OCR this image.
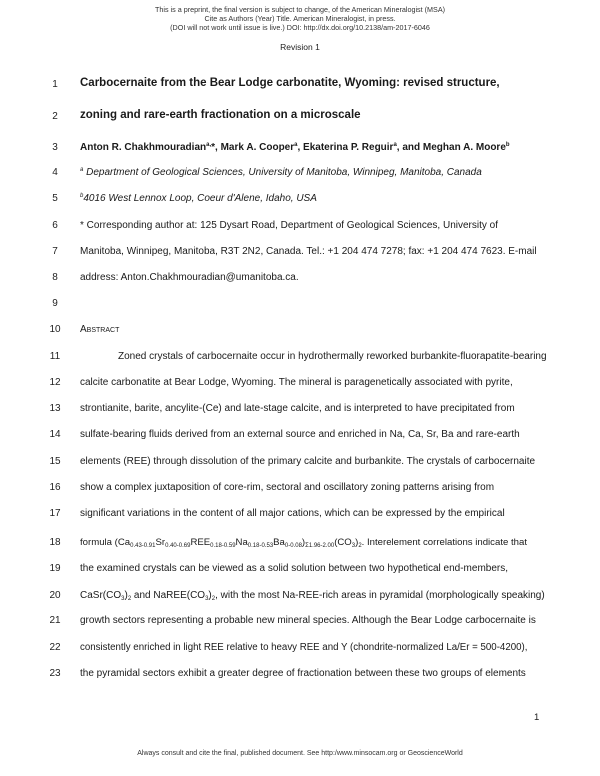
This is a preprint, the final version is subject to change, of the American Mineralogist (MSA)
Cite as Authors (Year) Title. American Mineralogist, in press.
(DOI will not work until issue is live.) DOI: http://dx.doi.org/10.2138/am-2017-6046
Revision 1
1
2
3
4
5
6
7
8
9
10
11
12
13
14
15
16
17
18
19
20
21
22
23
Carbocernaite from the Bear Lodge carbonatite, Wyoming: revised structure,
zoning and rare-earth fractionation on a microscale
Anton R. Chakhmouradian$^{a,}$*, Mark A. Cooper$^a$, Ekaterina P. Reguir$^a$, and Meghan A. Moore$^b$
$^a$ Department of Geological Sciences, University of Manitoba, Winnipeg, Manitoba, Canada
$^b$4016 West Lennox Loop, Coeur d'Alene, Idaho, USA
* Corresponding author at: 125 Dysart Road, Department of Geological Sciences, University of
Manitoba, Winnipeg, Manitoba, R3T 2N2, Canada. Tel.: +1 204 474 7278; fax: +1 204 474 7623. E-mail
address: Anton.Chakhmouradian@umanitoba.ca.
Abstract
Zoned crystals of carbocernaite occur in hydrothermally reworked burbankite-fluorapatite-bearing
calcite carbonatite at Bear Lodge, Wyoming. The mineral is paragenetically associated with pyrite,
strontianite, barite, ancylite-(Ce) and late-stage calcite, and is interpreted to have precipitated from
sulfate-bearing fluids derived from an external source and enriched in Na, Ca, Sr, Ba and rare-earth
elements (REE) through dissolution of the primary calcite and burbankite. The crystals of carbocernaite
show a complex juxtaposition of core-rim, sectoral and oscillatory zoning patterns arising from
significant variations in the content of all major cations, which can be expressed by the empirical
formula $(Ca_{0.43-0.91}Sr_{0.40-0.69}REE_{0.18-0.59}Na_{0.18-0.53}Ba_{0-0.08})_{\Sigma 1.96-2.00}(CO_3)_2$. Interelement correlations indicate that
the examined crystals can be viewed as a solid solution between two hypothetical end-members,
$CaSr(CO_3)_2$ and $NaREE(CO_3)_2$, with the most Na-REE-rich areas in pyramidal (morphologically speaking)
growth sectors representing a probable new mineral species. Although the Bear Lodge carbocernaite is
consistently enriched in light REE relative to heavy REE and Y (chondrite-normalized La/Er = 500-4200),
the pyramidal sectors exhibit a greater degree of fractionation between these two groups of elements
1
Always consult and cite the final, published document. See http:/www.minsocam.org or GeoscienceWorld
